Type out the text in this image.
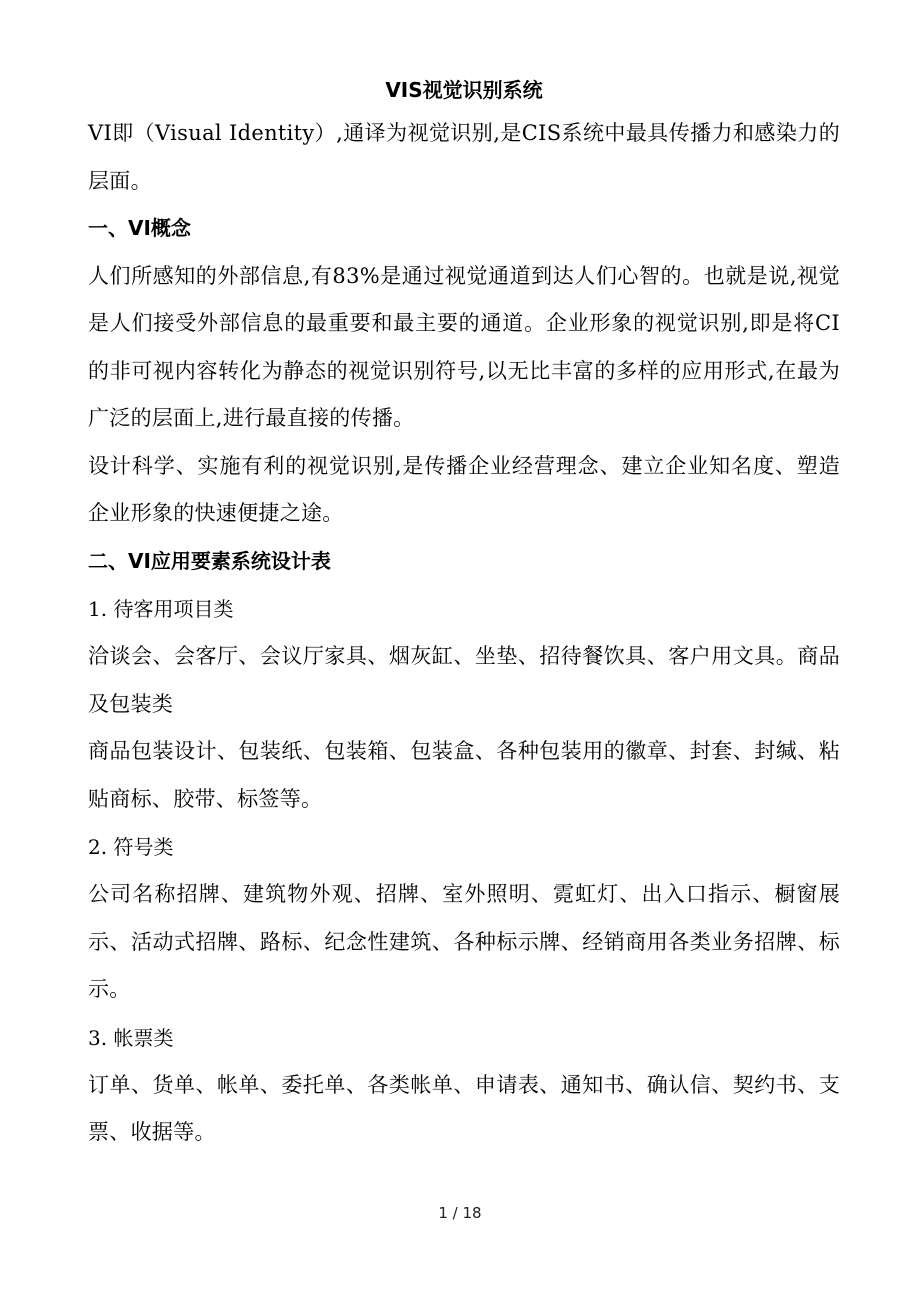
VIS视觉识别系统

VI即（Visual Identity）,通译为视觉识别,是CIS系统中最具传播力和感染力的层面。

一、VI概念

人们所感知的外部信息,有83%是通过视觉通道到达人们心智的。也就是说,视觉是人们接受外部信息的最重要和最主要的通道。企业形象的视觉识别,即是将CI的非可视内容转化为静态的视觉识别符号,以无比丰富的多样的应用形式,在最为广泛的层面上,进行最直接的传播。

设计科学、实施有利的视觉识别,是传播企业经营理念、建立企业知名度、塑造企业形象的快速便捷之途。

二、VI应用要素系统设计表

1. 待客用项目类

洽谈会、会客厅、会议厅家具、烟灰缸、坐垫、招待餐饮具、客户用文具。商品及包装类

商品包装设计、包装纸、包装箱、包装盒、各种包装用的徽章、封套、封缄、粘贴商标、胶带、标签等。

2. 符号类

公司名称招牌、建筑物外观、招牌、室外照明、霓虹灯、出入口指示、橱窗展示、活动式招牌、路标、纪念性建筑、各种标示牌、经销商用各类业务招牌、标示。

3. 帐票类

订单、货单、帐单、委托单、各类帐单、申请表、通知书、确认信、契约书、支票、收据等。

1 / 18
